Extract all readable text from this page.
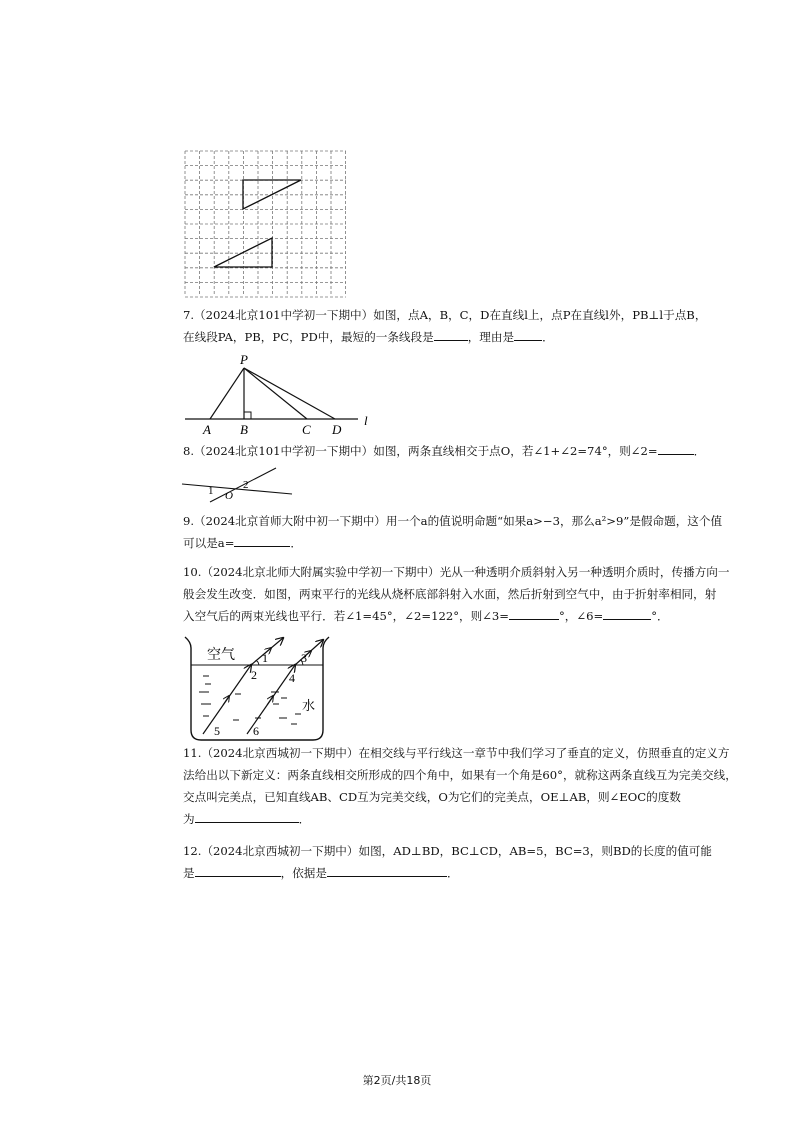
7.（2024北京101中学初一下期中）如图，点A，B，C，D在直线l上，点P在直线l外，PB⊥l于点B，
在线段PA，PB，PC，PD中，最短的一条线段是	，理由是 ．
P
A B	C D
l
8.（2024北京101中学初一下期中）如图，两条直线相交于点O，若∠1+∠2=74°，则∠2=	．
1	2
O
9.（2024北京首师大附中初一下期中）用一个a的值说明命题“如果a>−3，那么a²>9”是假命题，这个值
可以是a=	．
10.（2024北京北师大附属实验中学初一下期中）光从一种透明介质斜射入另一种透明介质时，传播方向一
般会发生改变．如图，两束平行的光线从烧杯底部斜射入水面，然后折射到空气中，由于折射率相同，射
入空气后的两束光线也平行．若∠1=45°，∠2=122°，则∠3=	°，∠6=	°．
空气
水
1
2
3
4
5	6
11.（2024北京西城初一下期中）在相交线与平行线这一章节中我们学习了垂直的定义，仿照垂直的定义方
法给出以下新定义：两条直线相交所形成的四个角中，如果有一个角是60°，就称这两条直线互为完美交线，
交点叫完美点，已知直线AB、CD互为完美交线，O为它们的完美点，OE⊥AB，则∠EOC的度数
为	．
12.（2024北京西城初一下期中）如图，AD⊥BD，BC⊥CD，AB=5，BC=3，则BD的长度的值可能
是	，依据是	．
第2页/共18页
